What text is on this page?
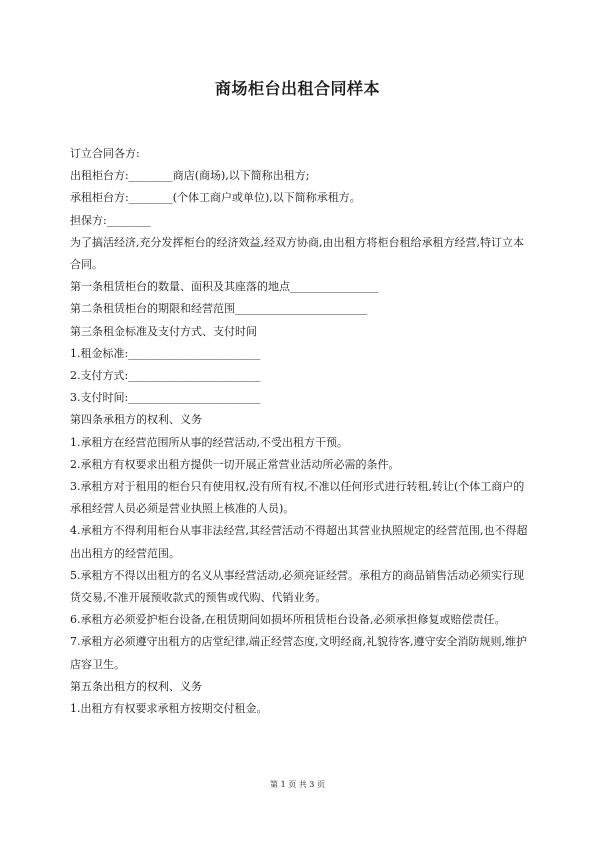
商场柜台出租合同样本
订立合同各方:
出租柜台方:________商店(商场),以下简称出租方;
承租柜台方:________(个体工商户或单位),以下简称承租方。
担保方:________
为了搞活经济,充分发挥柜台的经济效益,经双方协商,由出租方将柜台租给承租方经营,特订立本合同。
第一条租赁柜台的数量、面积及其座落的地点________________
第二条租赁柜台的期限和经营范围________________________
第三条租金标准及支付方式、支付时间
1.租金标准:________________________
2.支付方式:________________________
3.支付时间:________________________
第四条承租方的权利、义务
1.承租方在经营范围所从事的经营活动,不受出租方干预。
2.承租方有权要求出租方提供一切开展正常营业活动所必需的条件。
3.承租方对于租用的柜台只有使用权,没有所有权,不准以任何形式进行转租,转让(个体工商户的承租经营人员必须是营业执照上核准的人员)。
4.承租方不得利用柜台从事非法经营,其经营活动不得超出其营业执照规定的经营范围,也不得超出出租方的经营范围。
5.承租方不得以出租方的名义从事经营活动,必须亮证经营。承租方的商品销售活动必须实行现货交易,不准开展预收款式的预售或代购、代销业务。
6.承租方必须爱护柜台设备,在租赁期间如损坏所租赁柜台设备,必须承担修复或赔偿责任。
7.承租方必须遵守出租方的店堂纪律,端正经营态度,文明经商,礼貌待客,遵守安全消防规则,维护店容卫生。
第五条出租方的权利、义务
1.出租方有权要求承租方按期交付租金。
第 1 页 共 3 页
